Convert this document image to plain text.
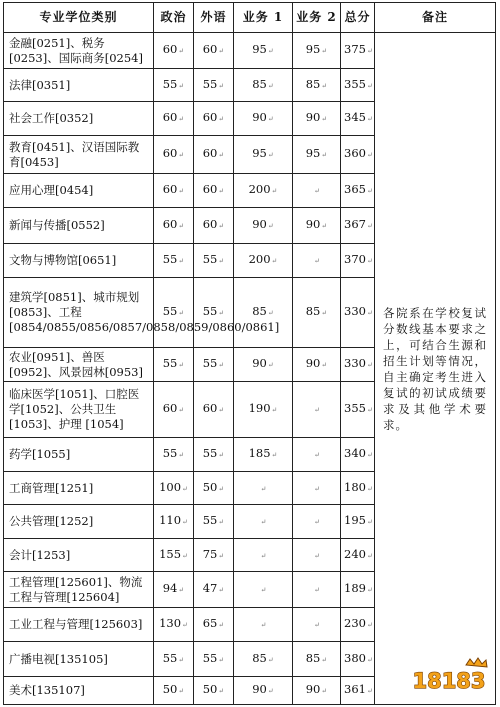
专业学位类别	政治	外语	业务 1	业务 2	总分	备注
金融[0251]、税务[0253]、国际商务[0254]	60↵	60↵	95↵	95↵	375↵	各院系在学校复试分数线基本要求之上，可结合生源和招生计划等情况，自主确定考生进入复试的初试成绩要求及其他学术要求。
法律[0351]	55↵	55↵	85↵	85↵	355↵	
社会工作[0352]	60↵	60↵	90↵	90↵	345↵	
教育[0451]、汉语国际教育[0453]	60↵	60↵	95↵	95↵	360↵	
应用心理[0454]	60↵	60↵	200↵	↵	365↵	
新闻与传播[0552]	60↵	60↵	90↵	90↵	367↵	
文物与博物馆[0651]	55↵	55↵	200↵	↵	370↵	
建筑学[0851]、城市规划[0853]、工程[0854/0855/0856/0857/0858/0859/0860/0861]	55↵	55↵	85↵	85↵	330↵	
农业[0951]、兽医[0952]、风景园林[0953]	55↵	55↵	90↵	90↵	330↵	
临床医学[1051]、口腔医学[1052]、公共卫生[1053]、护理 [1054]	60↵	60↵	190↵	↵	355↵	
药学[1055]	55↵	55↵	185↵	↵	340↵	
工商管理[1251]	100↵	50↵	↵	↵	180↵	
公共管理[1252]	110↵	55↵	↵	↵	195↵	
会计[1253]	155↵	75↵	↵	↵	240↵	
工程管理[125601]、物流工程与管理[125604]	94↵	47↵	↵	↵	189↵	
工业工程与管理[125603]	130↵	65↵	↵	↵	230↵	
广播电视[135105]	55↵	55↵	85↵	85↵	380↵	
美术[135107]	50↵	50↵	90↵	90↵	361↵	18183
